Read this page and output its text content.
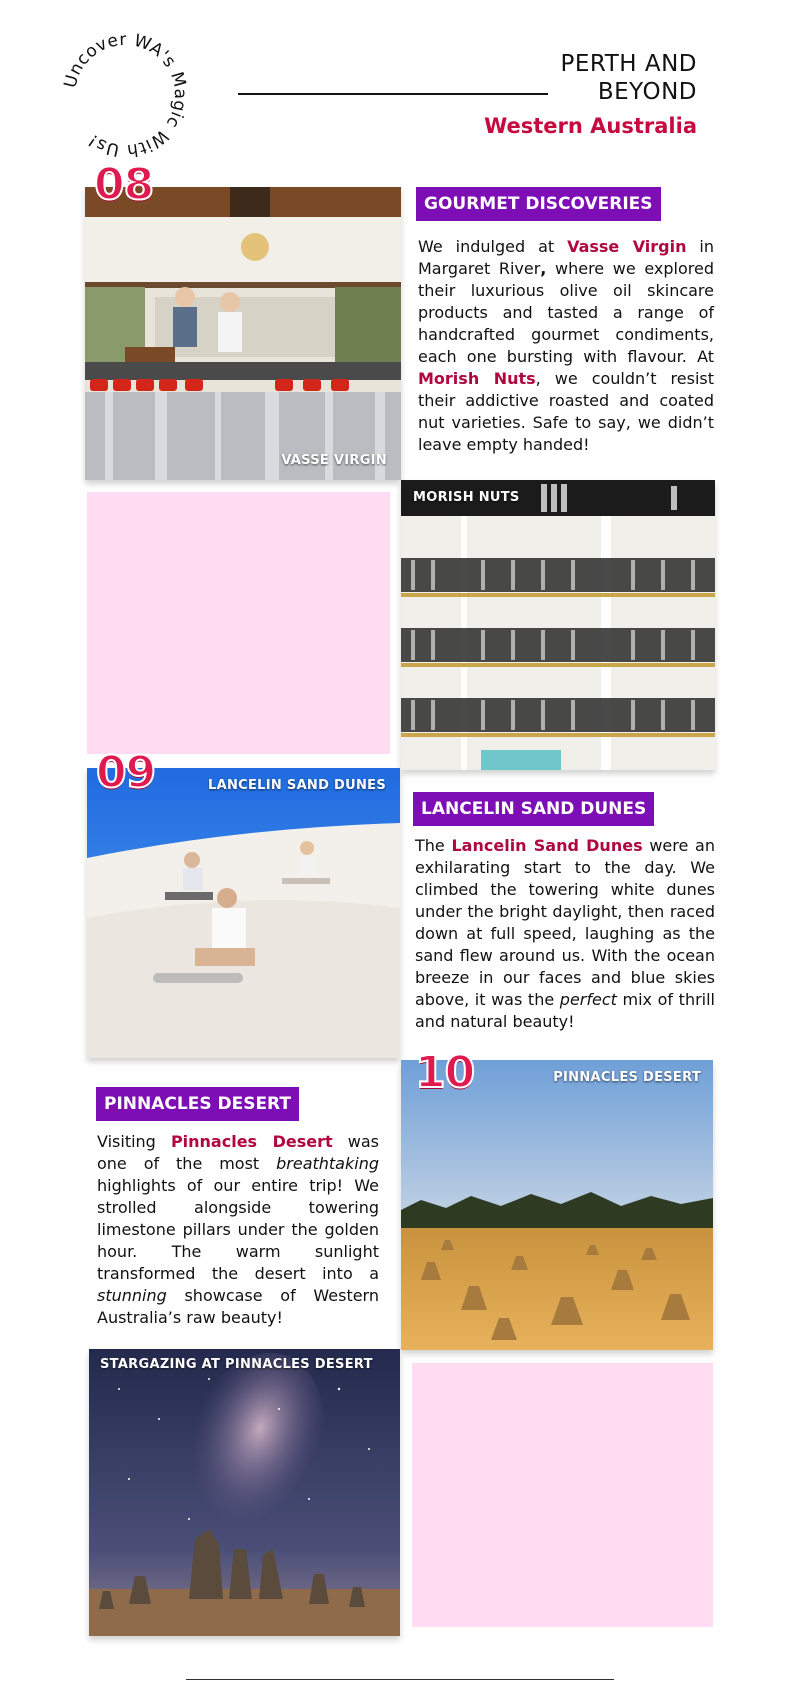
Uncover WA's Magic With Us!
PERTH AND
BEYOND
Western Australia
VASSE VIRGIN
08	GOURMET DISCOVERIES
We indulged at Vasse Virgin in Margaret River, where we explored their luxurious olive oil skincare products and tasted a range of handcrafted gourmet condiments, each one bursting with flavour. At Morish Nuts, we couldn’t resist their addictive roasted and coated nut varieties. Safe to say, we didn’t leave empty handed!
MORISH NUTS
LANCELIN SAND DUNES
09
LANCELIN SAND DUNES
The Lancelin Sand Dunes were an exhilarating start to the day. We climbed the towering white dunes under the bright daylight, then raced down at full speed, laughing as the sand flew around us. With the ocean breeze in our faces and blue skies above, it was the perfect mix of thrill and natural beauty!
PINNACLES DESERT
Visiting Pinnacles Desert was one of the most breathtaking highlights of our entire trip! We strolled alongside towering limestone pillars under the golden hour. The warm sunlight transformed the desert into a stunning showcase of Western Australia’s raw beauty!
PINNACLES DESERT
10
STARGAZING AT PINNACLES DESERT
